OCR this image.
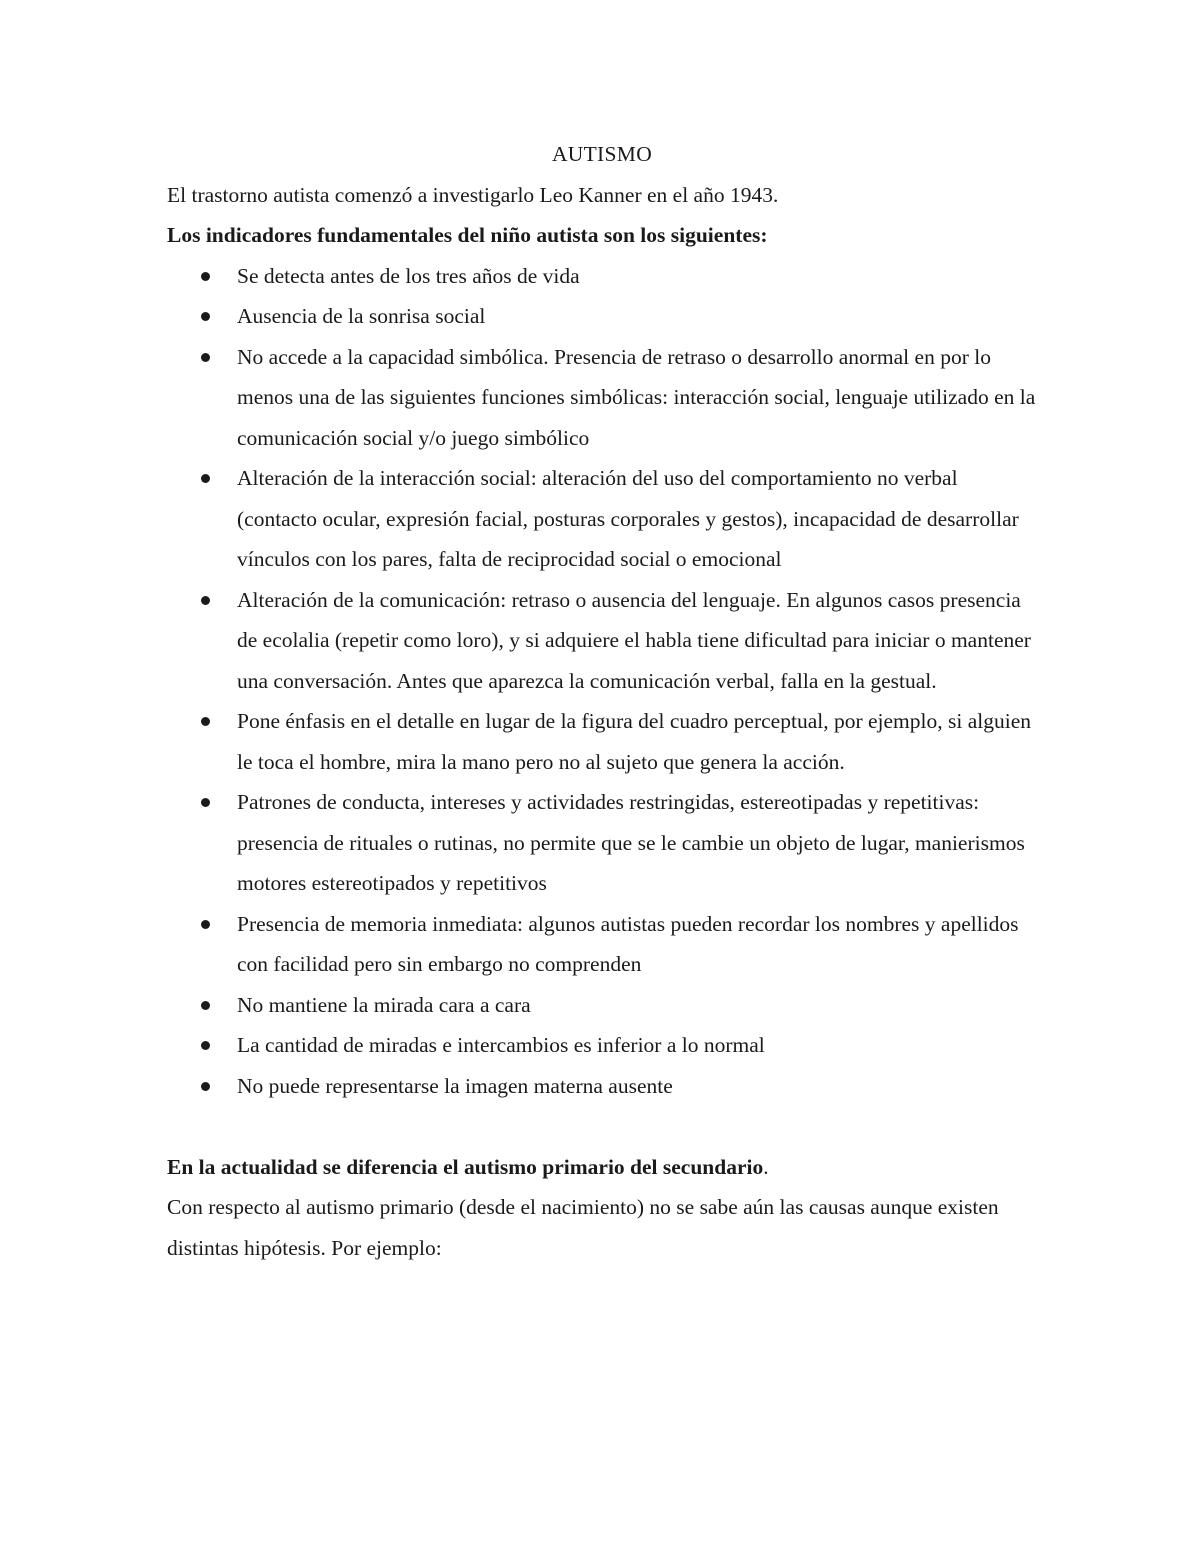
AUTISMO

El trastorno autista comenzó a investigarlo Leo Kanner en el año 1943.

Los indicadores fundamentales del niño autista son los siguientes:

Se detecta antes de los tres años de vida
Ausencia de la sonrisa social
No accede a la capacidad simbólica. Presencia de retraso o desarrollo anormal en por lo menos una de las siguientes funciones simbólicas: interacción social, lenguaje utilizado en la comunicación social y/o juego simbólico
Alteración de la interacción social: alteración del uso del comportamiento no verbal (contacto ocular, expresión facial, posturas corporales y gestos), incapacidad de desarrollar vínculos con los pares, falta de reciprocidad social o emocional
Alteración de la comunicación: retraso o ausencia del lenguaje. En algunos casos presencia de ecolalia (repetir como loro), y si adquiere el habla tiene dificultad para iniciar o mantener una conversación. Antes que aparezca la comunicación verbal, falla en la gestual.
Pone énfasis en el detalle en lugar de la figura del cuadro perceptual, por ejemplo, si alguien le toca el hombre, mira la mano pero no al sujeto que genera la acción.
Patrones de conducta, intereses y actividades restringidas, estereotipadas y repetitivas: presencia de rituales o rutinas, no permite que se le cambie un objeto de lugar, manierismos motores estereotipados y repetitivos
Presencia de memoria inmediata: algunos autistas pueden recordar los nombres y apellidos con facilidad pero sin embargo no comprenden
No mantiene la mirada cara a cara
La cantidad de miradas e intercambios es inferior a lo normal
No puede representarse la imagen materna ausente

En la actualidad se diferencia el autismo primario del secundario.

Con respecto al autismo primario (desde el nacimiento) no se sabe aún las causas aunque existen distintas hipótesis. Por ejemplo:
